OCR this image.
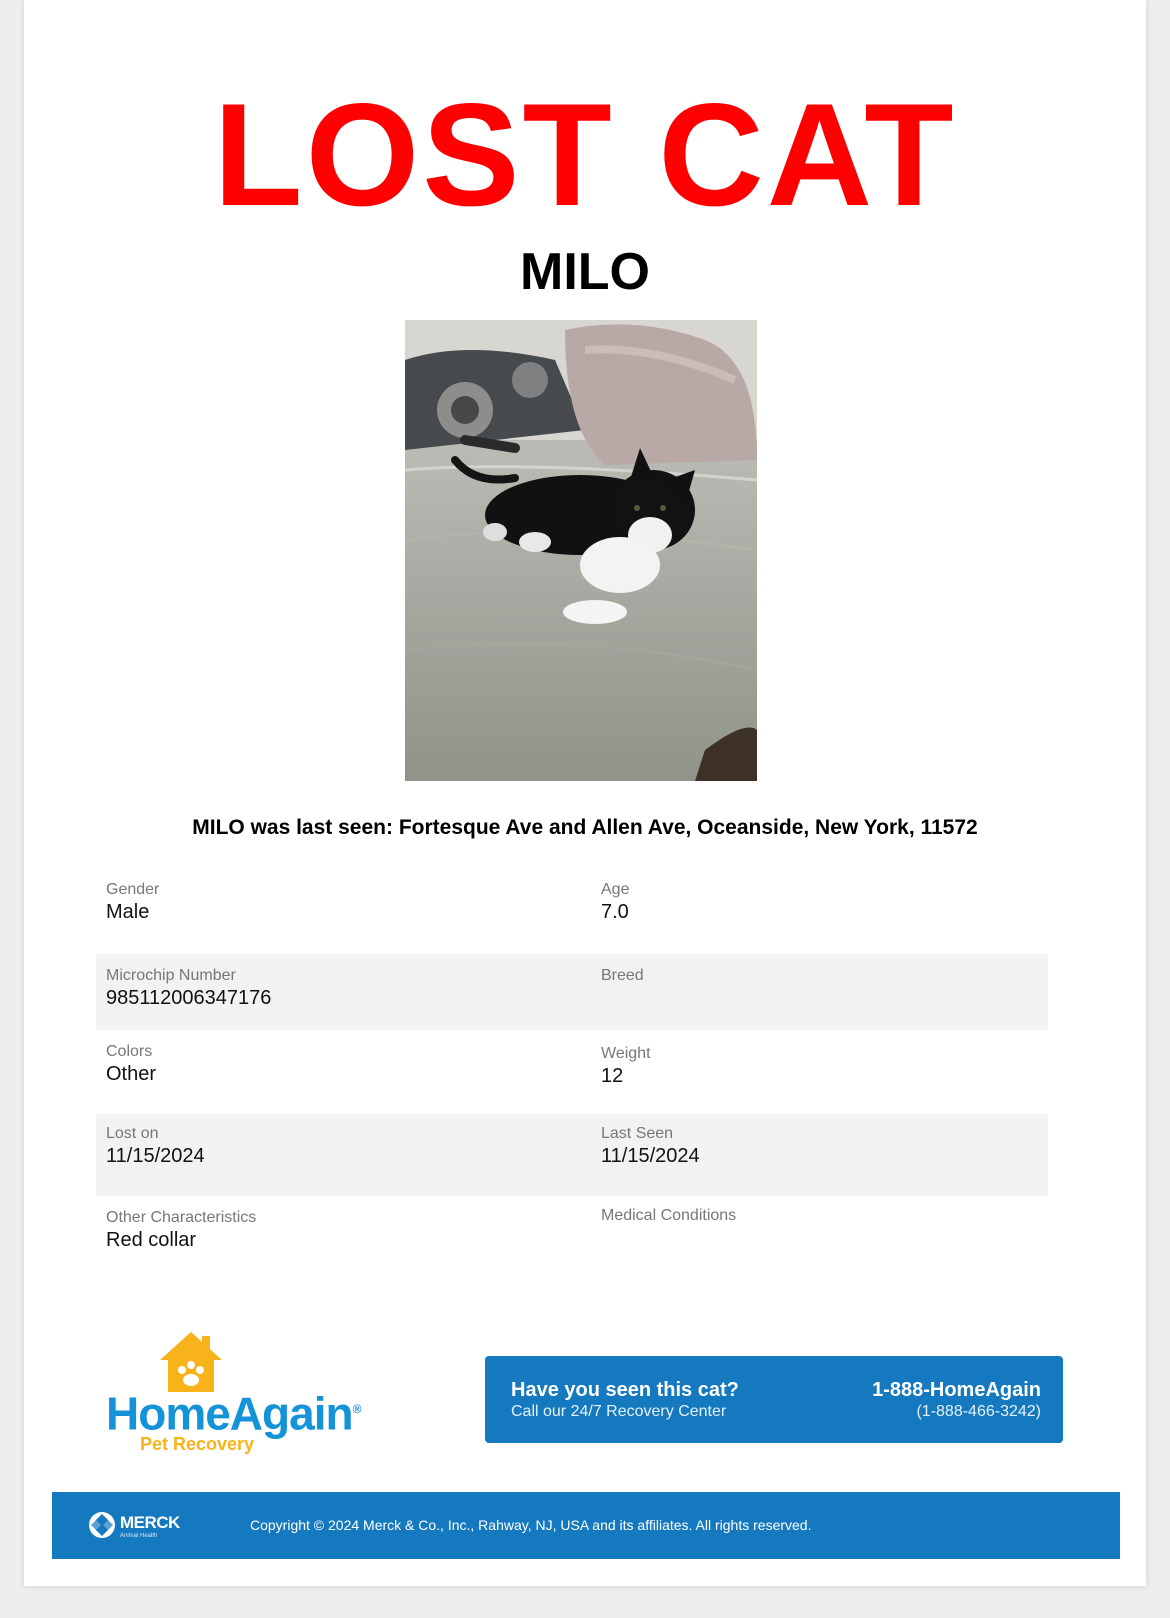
LOST CAT
MILO
MILO was last seen: Fortesque Ave and Allen Ave, Oceanside, New York, 11572
Gender
Male
Age
7.0
Microchip Number
985112006347176
Breed
Colors
Other
Weight
12
Lost on
11/15/2024
Last Seen
11/15/2024
Other Characteristics
Red collar
Medical Conditions
HomeAgain®
Pet Recovery
Have you seen this cat?
Call our 24/7 Recovery Center
1-888-HomeAgain
(1-888-466-3242)
MERCK
Animal Health
Copyright © 2024 Merck & Co., Inc., Rahway, NJ, USA and its affiliates. All rights reserved.
